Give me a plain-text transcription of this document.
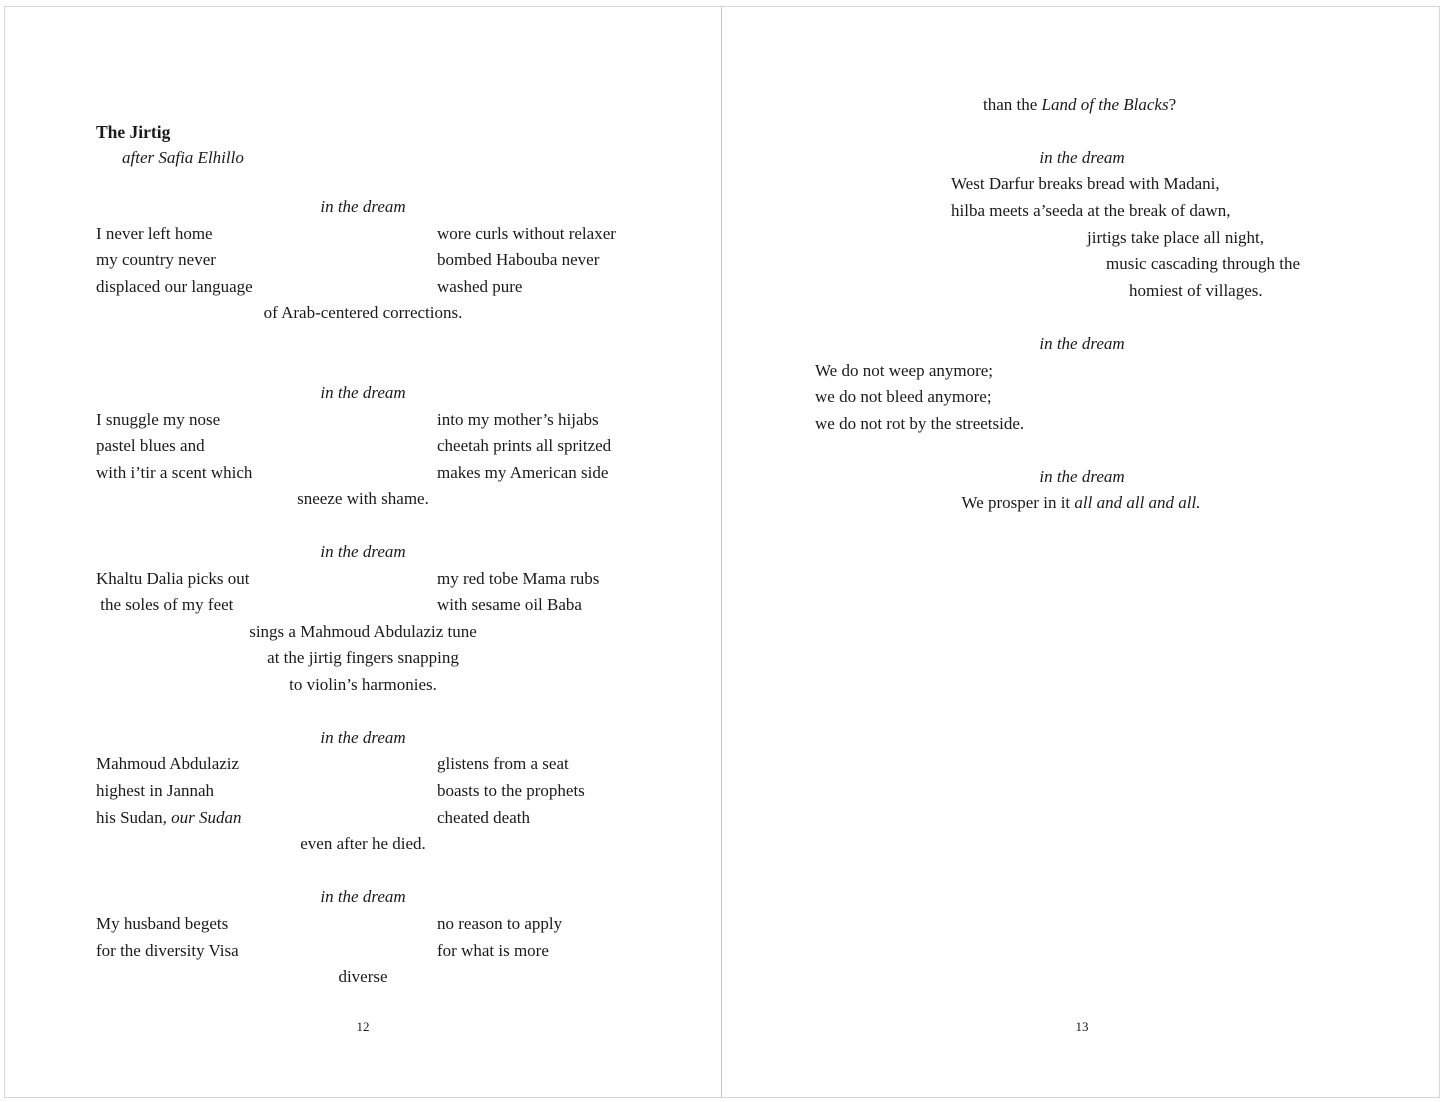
The Jirtig
after Safia Elhillo
in the dream
I never left home
my country never
displaced our language
wore curls without relaxer
bombed Habouba never
washed pure
of Arab-centered corrections.
in the dream
I snuggle my nose
pastel blues and
with i’tir a scent which
into my mother’s hijabs
cheetah prints all spritzed
makes my American side
sneeze with shame.
in the dream
Khaltu Dalia picks out
the soles of my feet
my red tobe Mama rubs
with sesame oil Baba
sings a Mahmoud Abdulaziz tune
at the jirtig fingers snapping
to violin’s harmonies.
in the dream
Mahmoud Abdulaziz
highest in Jannah
his Sudan, our Sudan
glistens from a seat
boasts to the prophets
cheated death
even after he died.
in the dream
My husband begets
for the diversity Visa
no reason to apply
for what is more
diverse
12
than the Land of the Blacks?
in the dream
West Darfur breaks bread with Madani,
hilba meets a’seeda at the break of dawn,
jirtigs take place all night,
music cascading through the
homiest of villages.
in the dream
We do not weep anymore;
we do not bleed anymore;
we do not rot by the streetside.
in the dream
We prosper in it all and all and all.
13
